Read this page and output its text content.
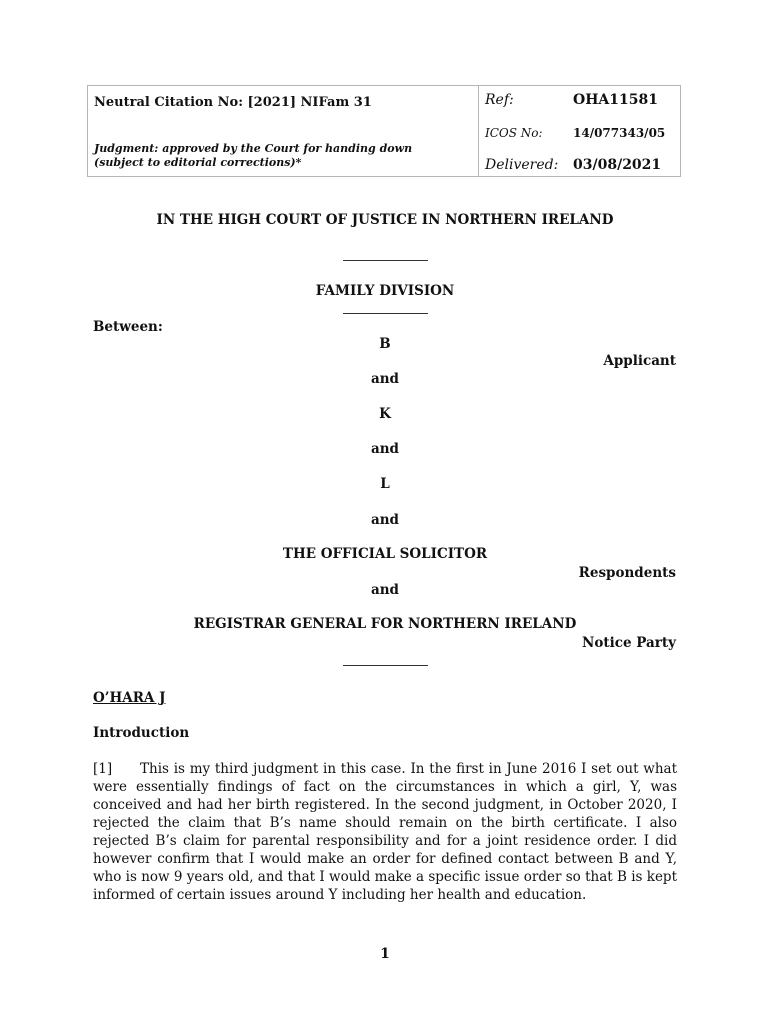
Neutral Citation No: [2021] NIFam 31
Judgment: approved by the Court for handing down
(subject to editorial corrections)*
Ref:	OHA11581
ICOS No:	14/077343/05
Delivered: 03/08/2021
IN THE HIGH COURT OF JUSTICE IN NORTHERN IRELAND
FAMILY DIVISION
Between:
B
Applicant
and
K
and
L
and
THE OFFICIAL SOLICITOR
Respondents
and
REGISTRAR GENERAL FOR NORTHERN IRELAND
Notice Party
O’HARA J
Introduction
[1] This is my third judgment in this case. In the first in June 2016 I set out what were essentially findings of fact on the circumstances in which a girl, Y, was conceived and had her birth registered. In the second judgment, in October 2020, I rejected the claim that B’s name should remain on the birth certificate. I also rejected B’s claim for parental responsibility and for a joint residence order. I did however confirm that I would make an order for defined contact between B and Y, who is now 9 years old, and that I would make a specific issue order so that B is kept informed of certain issues around Y including her health and education.
1
